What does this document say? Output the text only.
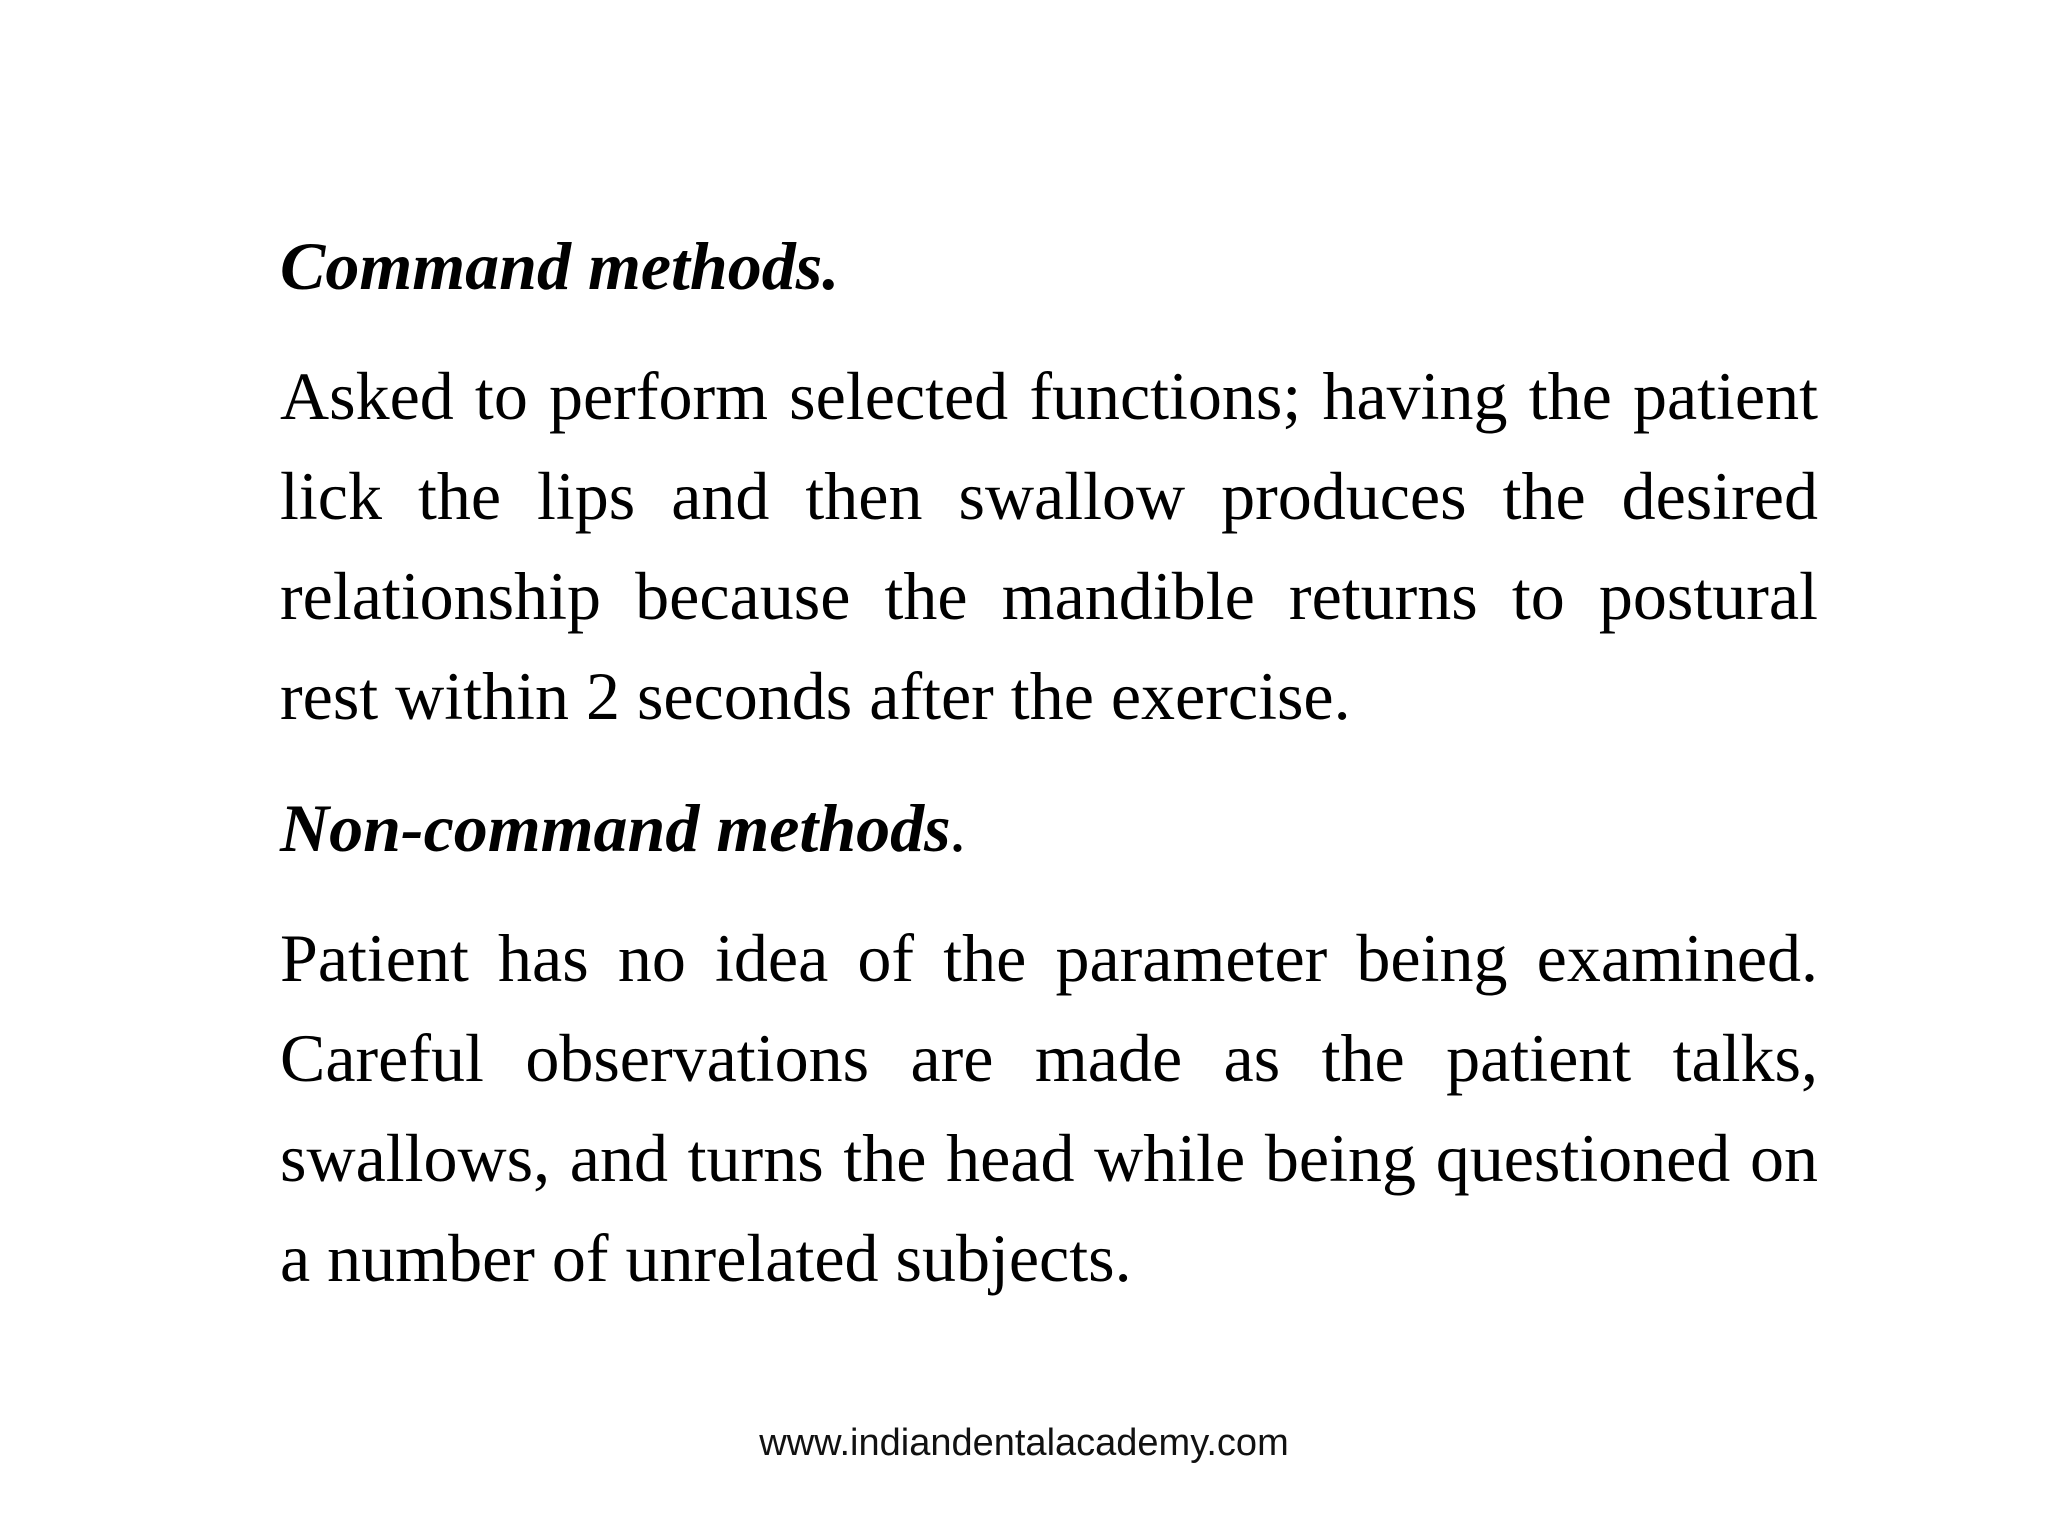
Command methods.

Asked to perform selected functions; having the patient lick the lips and then swallow produces the desired relationship because the mandible returns to postural rest within 2 seconds after the exercise.

Non-command methods.

Patient has no idea of the parameter being examined. Careful observations are made as the patient talks, swallows, and turns the head while being questioned on a number of unrelated subjects.

www.indiandentalacademy.com
